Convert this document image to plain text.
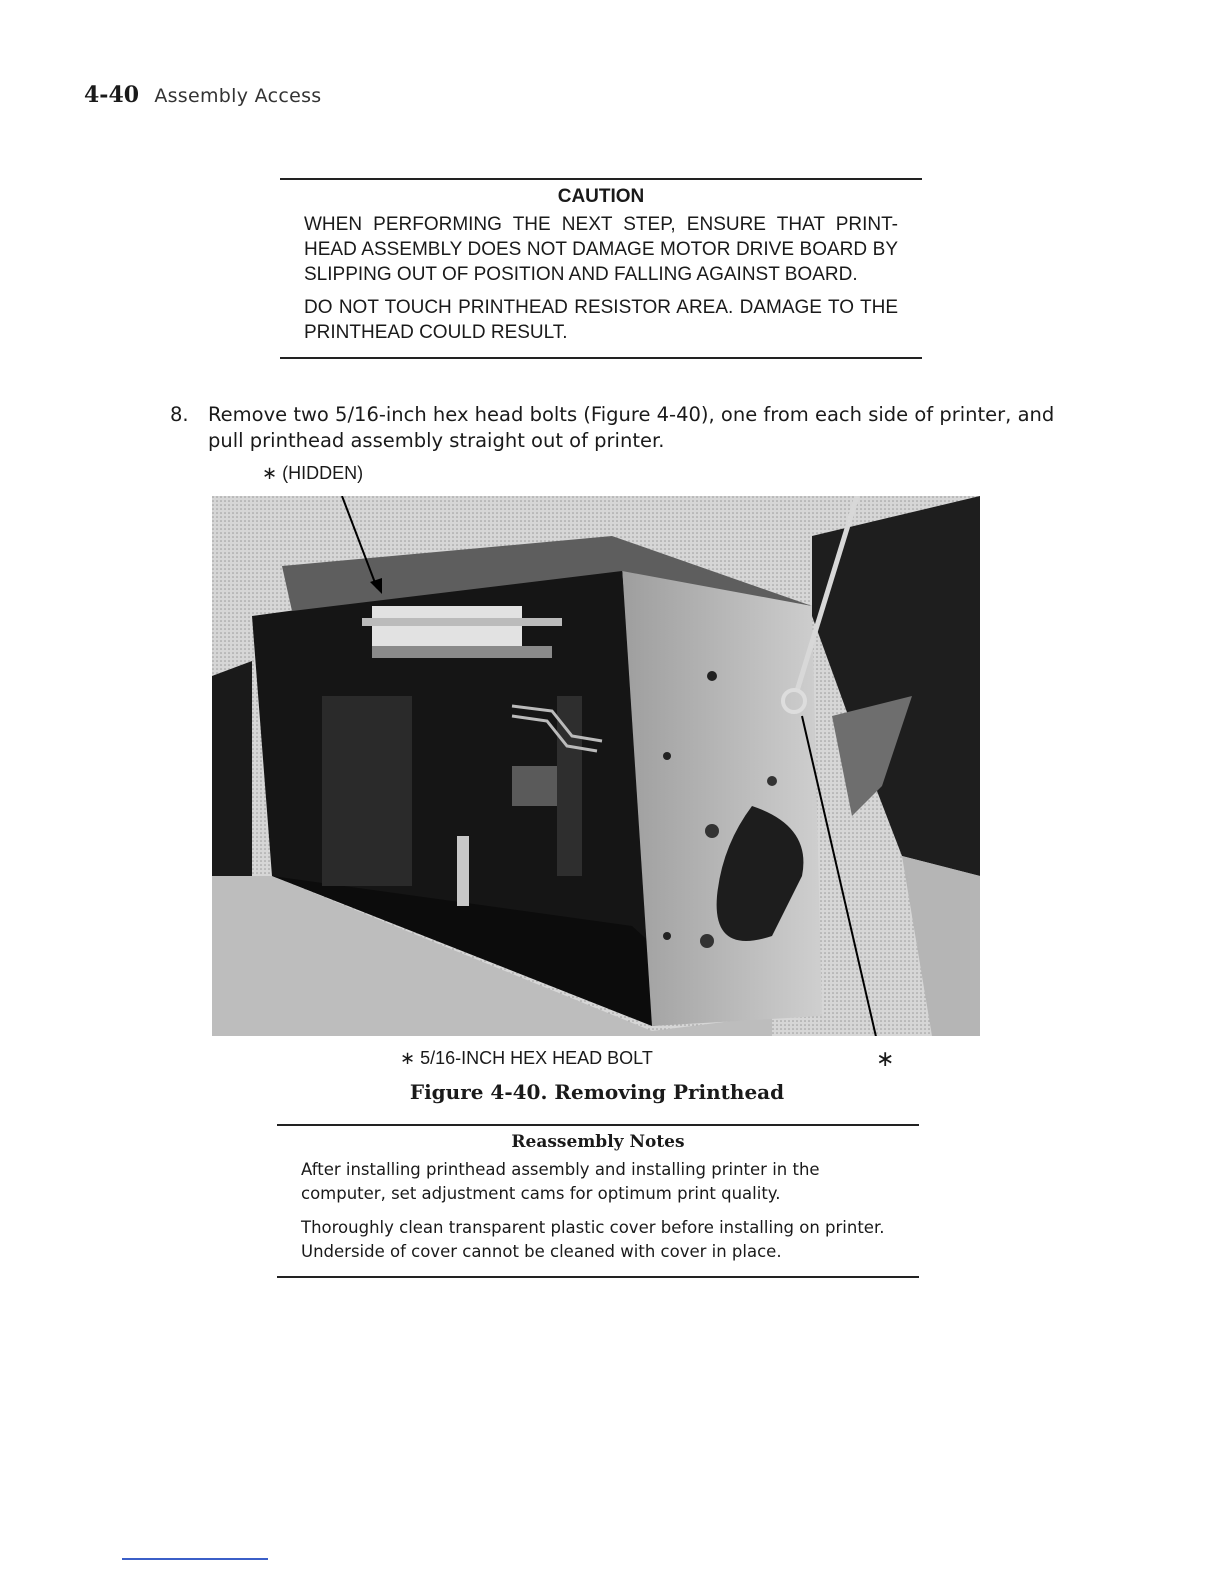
4-40 Assembly Access
CAUTION

WHEN PERFORMING THE NEXT STEP, ENSURE THAT PRINT-HEAD ASSEMBLY DOES NOT DAMAGE MOTOR DRIVE BOARD BY SLIPPING OUT OF POSITION AND FALLING AGAINST BOARD.

DO NOT TOUCH PRINTHEAD RESISTOR AREA. DAMAGE TO THE PRINTHEAD COULD RESULT.

8. Remove two 5/16-inch hex head bolts (Figure 4-40), one from each side of printer, and pull printhead assembly straight out of printer.
∗ (HIDDEN)
∗ 5/16-INCH HEX HEAD BOLT	∗
Figure 4-40. Removing Printhead
Reassembly Notes

After installing printhead assembly and installing printer in the computer, set adjustment cams for optimum print quality.

Thoroughly clean transparent plastic cover before installing on printer. Underside of cover cannot be cleaned with cover in place.
